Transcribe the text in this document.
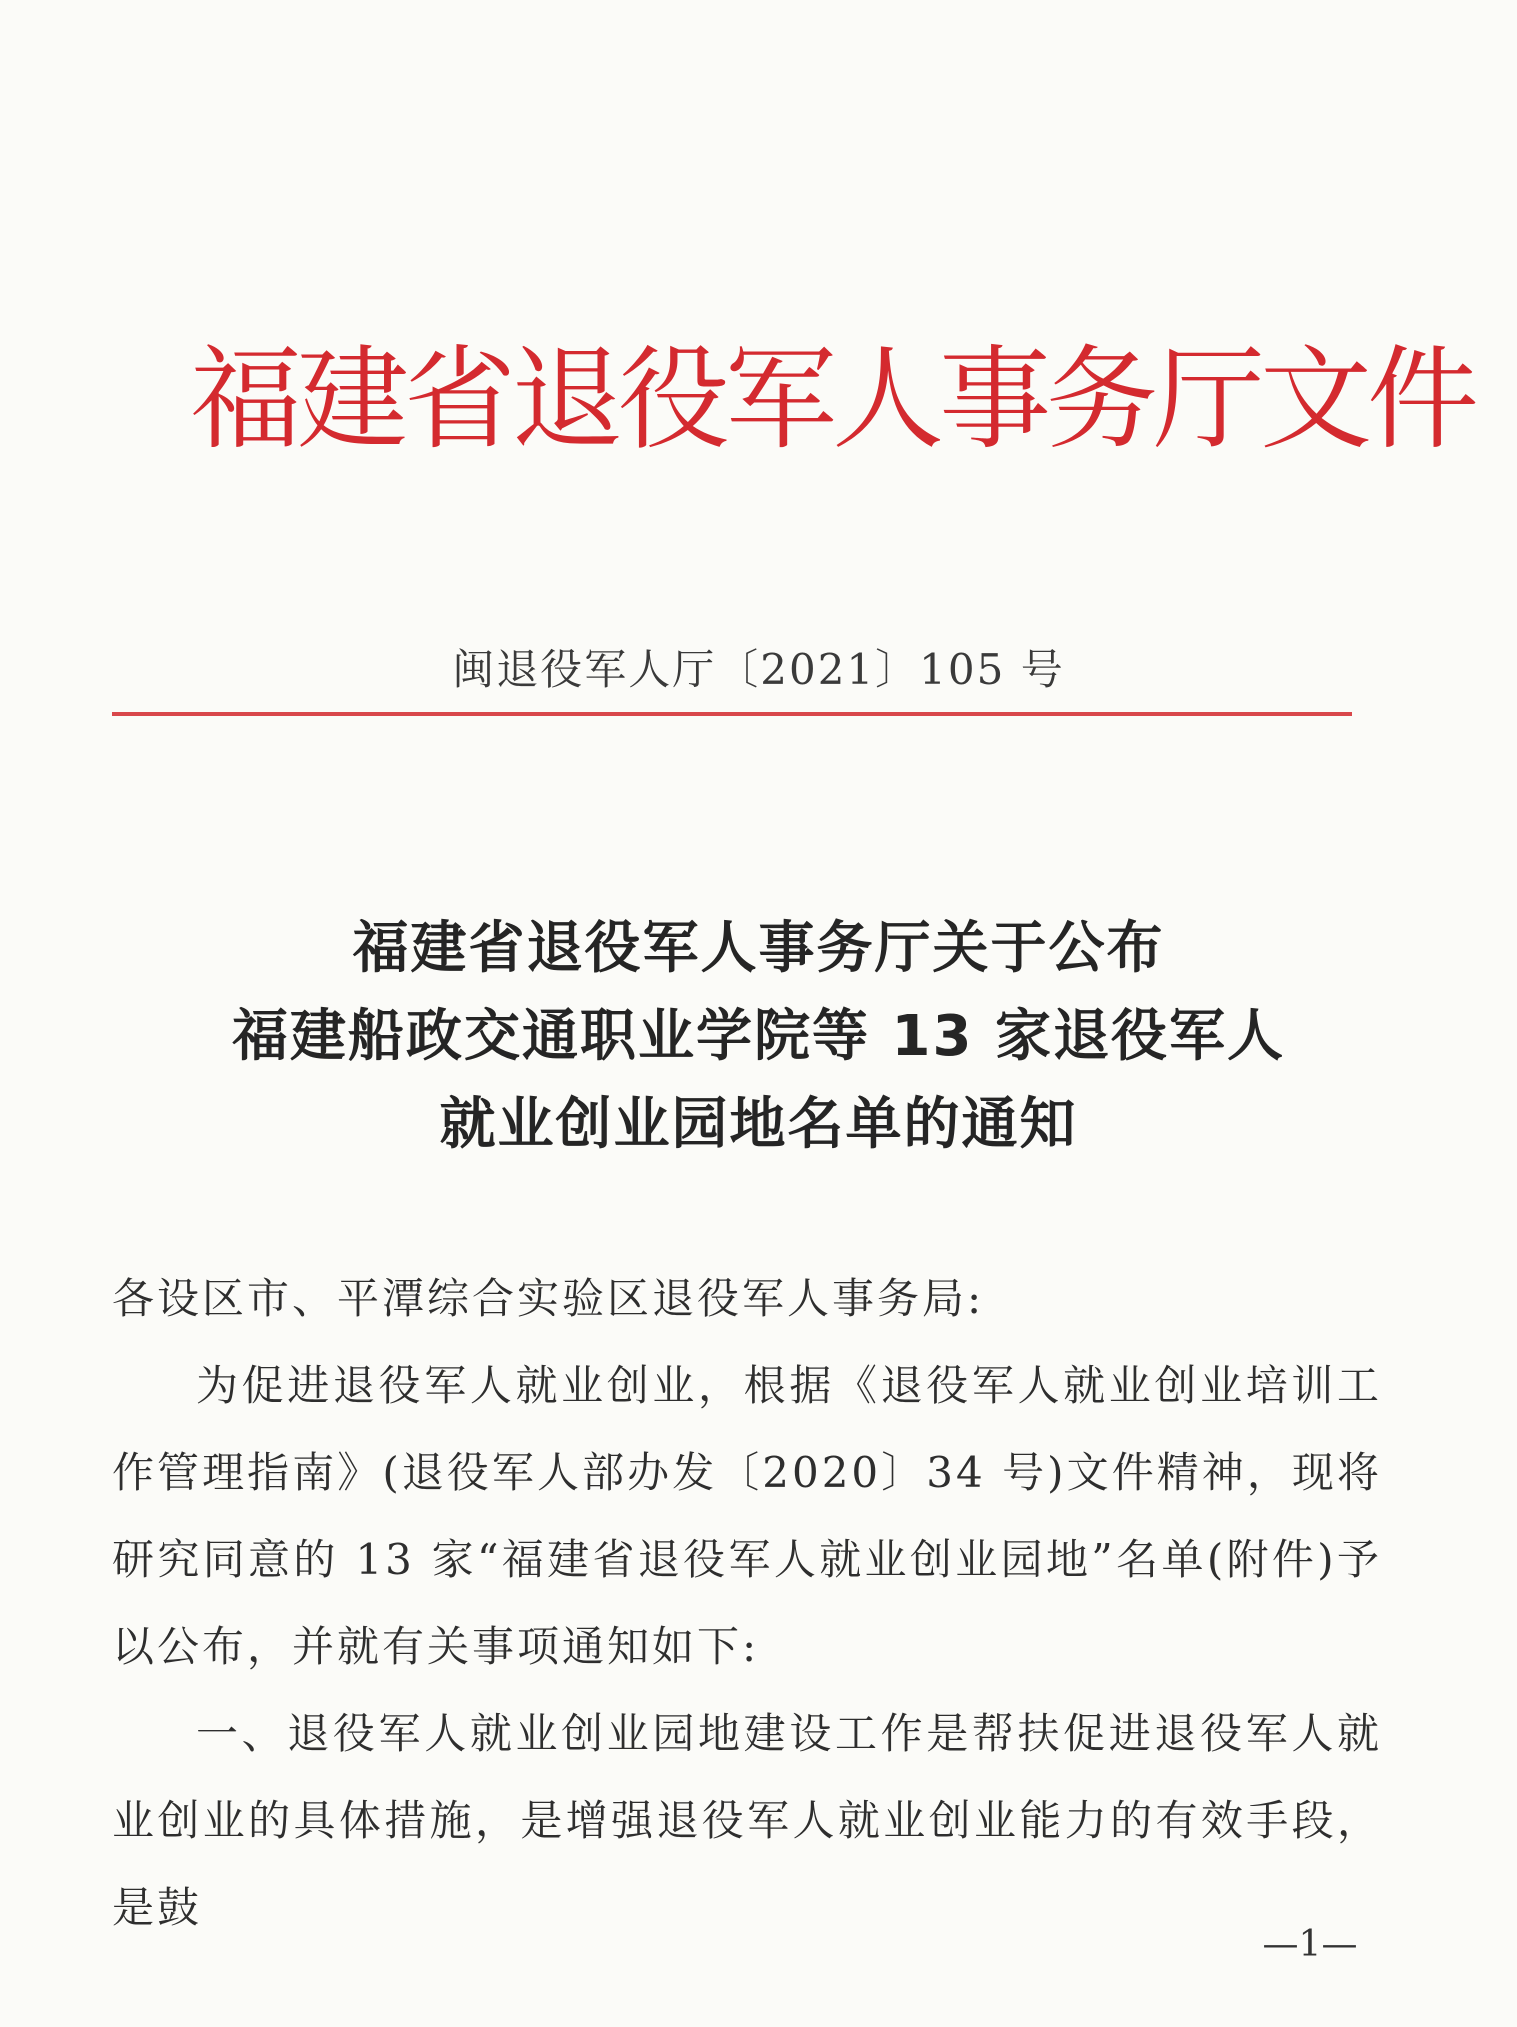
福建省退役军人事务厅文件
闽退役军人厅〔2021〕105 号
福建省退役军人事务厅关于公布
福建船政交通职业学院等 13 家退役军人
就业创业园地名单的通知

各设区市、平潭综合实验区退役军人事务局:

为促进退役军人就业创业，根据《退役军人就业创业培训工作管理指南》(退役军人部办发〔2020〕34 号)文件精神，现将研究同意的 13 家“福建省退役军人就业创业园地”名单(附件)予以公布，并就有关事项通知如下:

一、退役军人就业创业园地建设工作是帮扶促进退役军人就业创业的具体措施，是增强退役军人就业创业能力的有效手段，是鼓

—1—
